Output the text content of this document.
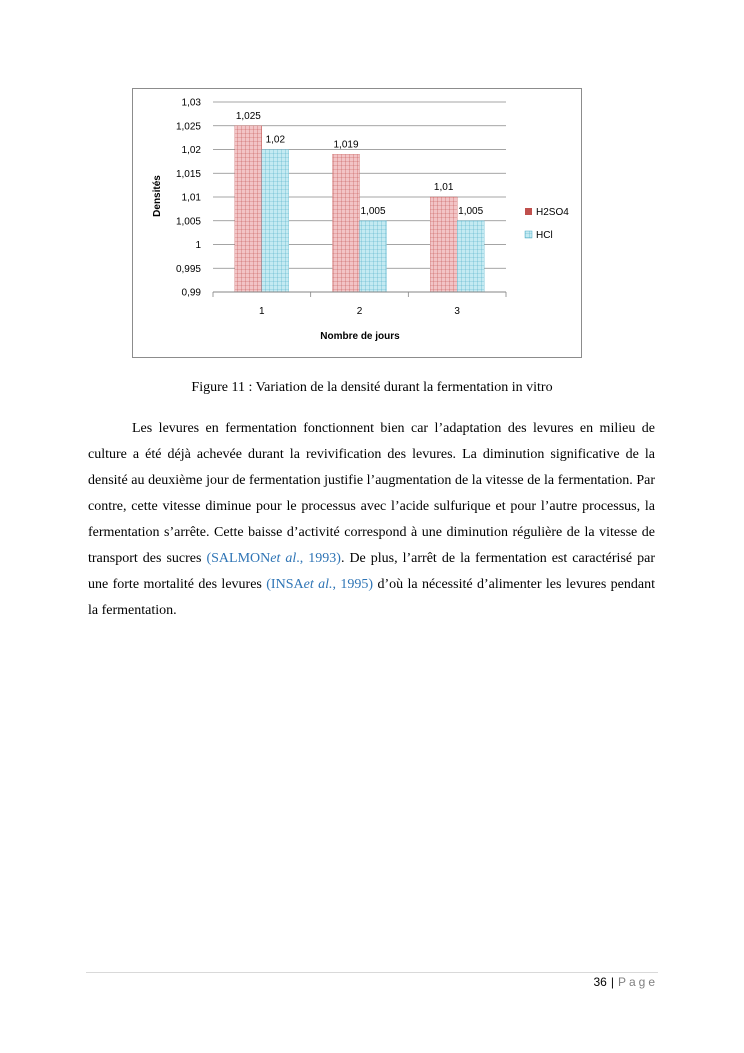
1,025
1,02	1,019
1,005
1,01
1,005
0,99
0,995
1
1,005
1,01
1,015
1,02
1,025
1,03
1	2	3
Densités
Nombre de jours
H2SO4
HCl
Figure 11 : Variation de la densité durant la fermentation in vitro

Les levures en fermentation fonctionnent bien car l’adaptation des levures en milieu de culture a été déjà achevée durant la revivification des levures. La diminution significative de la densité au deuxième jour de fermentation justifie l’augmentation de la vitesse de la fermentation. Par contre, cette vitesse diminue pour le processus avec l’acide sulfurique et pour l’autre processus, la fermentation s’arrête. Cette baisse d’activité correspond à une diminution régulière de la vitesse de transport des sucres (SALMONet al., 1993). De plus, l’arrêt de la fermentation est caractérisé par une forte mortalité des levures (INSAet al., 1995) d’où la nécessité d’alimenter les levures pendant la fermentation.

36 | Page
